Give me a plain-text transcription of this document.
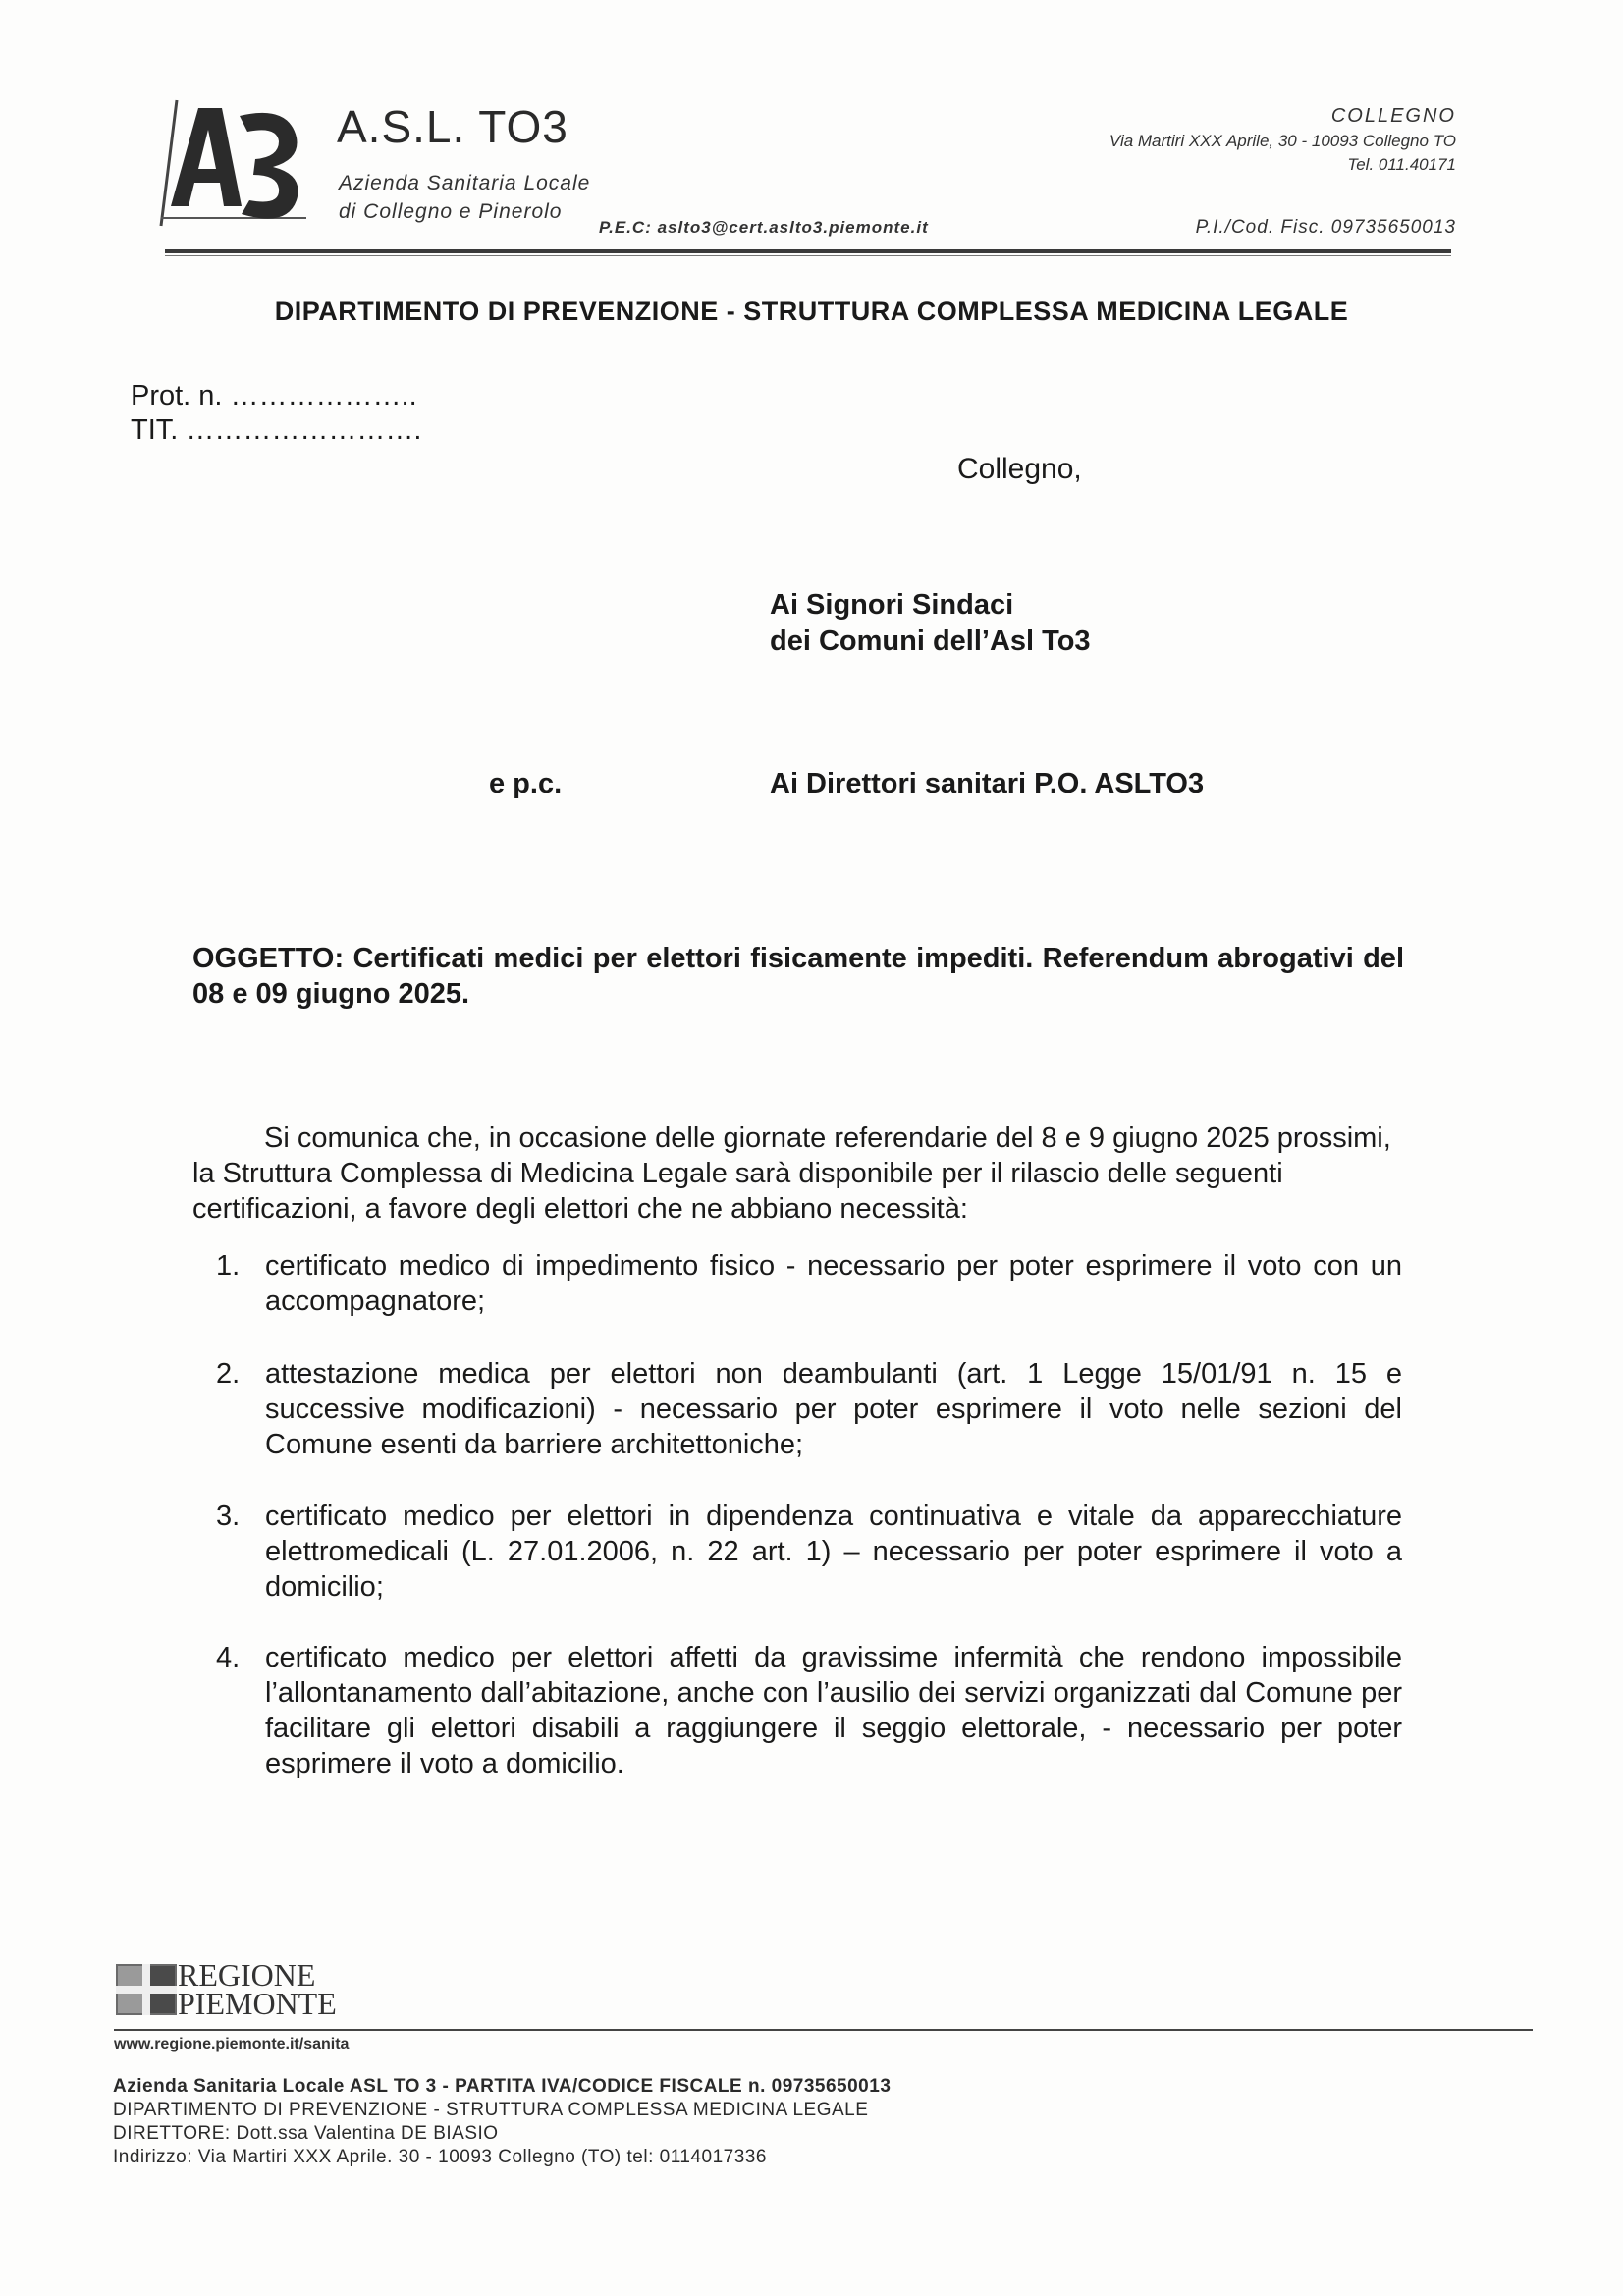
A.S.L. TO3
Azienda Sanitaria Locale
di Collegno e Pinerolo
COLLEGNO
Via Martiri XXX Aprile, 30 - 10093 Collegno TO
Tel. 011.40171
P.E.C: aslto3@cert.aslto3.piemonte.it	P.I./Cod. Fisc. 09735650013
DIPARTIMENTO DI PREVENZIONE - STRUTTURA COMPLESSA MEDICINA LEGALE
Prot. n. ………………..
TIT. …………………….
Collegno,
Ai Signori Sindaci
dei Comuni dell’Asl To3
e p.c.	Ai Direttori sanitari P.O. ASLTO3
OGGETTO: Certificati medici per elettori fisicamente impediti. Referendum abrogativi del 08 e 09 giugno 2025.

Si comunica che, in occasione delle giornate referendarie del 8 e 9 giugno 2025 prossimi, la Struttura Complessa di Medicina Legale sarà disponibile per il rilascio delle seguenti certificazioni, a favore degli elettori che ne abbiano necessità:

1. certificato medico di impedimento fisico - necessario per poter esprimere il voto con un accompagnatore;
2. attestazione medica per elettori non deambulanti (art. 1 Legge 15/01/91 n. 15 e successive modificazioni) - necessario per poter esprimere il voto nelle sezioni del Comune esenti da barriere architettoniche;
3. certificato medico per elettori in dipendenza continuativa e vitale da apparecchiature elettromedicali (L. 27.01.2006, n. 22 art. 1) – necessario per poter esprimere il voto a domicilio;
4. certificato medico per elettori affetti da gravissime infermità che rendono impossibile l’allontanamento dall’abitazione, anche con l’ausilio dei servizi organizzati dal Comune per facilitare gli elettori disabili a raggiungere il seggio elettorale, - necessario per poter esprimere il voto a domicilio.
REGIONE
PIEMONTE
www.regione.piemonte.it/sanita
Azienda Sanitaria Locale ASL TO 3 - PARTITA IVA/CODICE FISCALE n. 09735650013
DIPARTIMENTO DI PREVENZIONE - STRUTTURA COMPLESSA MEDICINA LEGALE
DIRETTORE: Dott.ssa Valentina DE BIASIO
Indirizzo: Via Martiri XXX Aprile. 30 - 10093 Collegno (TO) tel: 0114017336
